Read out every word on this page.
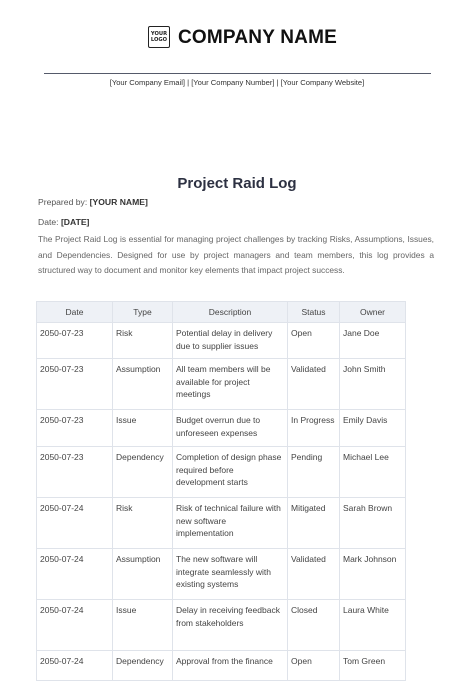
YOUR
LOGO COMPANY NAME
[Your Company Email] | [Your Company Number] | [Your Company Website]
Project Raid Log
Prepared by: [YOUR NAME]
Date: [DATE]
The Project Raid Log is essential for managing project challenges by tracking Risks, Assumptions, Issues, and Dependencies. Designed for use by project managers and team members, this log provides a structured way to document and monitor key elements that impact project success.
Date	Type	Description	Status	Owner
2050-07-23	Risk	Potential delay in delivery due to supplier issues	Open	Jane Doe
2050-07-23	Assumption	All team members will be available for project meetings	Validated	John Smith
2050-07-23	Issue	Budget overrun due to unforeseen expenses	In Progress	Emily Davis
2050-07-23	Dependency	Completion of design phase required before development starts	Pending	Michael Lee
2050-07-24	Risk	Risk of technical failure with new software implementation	Mitigated	Sarah Brown
2050-07-24	Assumption	The new software will integrate seamlessly with existing systems	Validated	Mark Johnson
2050-07-24	Issue	Delay in receiving feedback from stakeholders	Closed	Laura White
2050-07-24	Dependency	Approval from the finance	Open	Tom Green
